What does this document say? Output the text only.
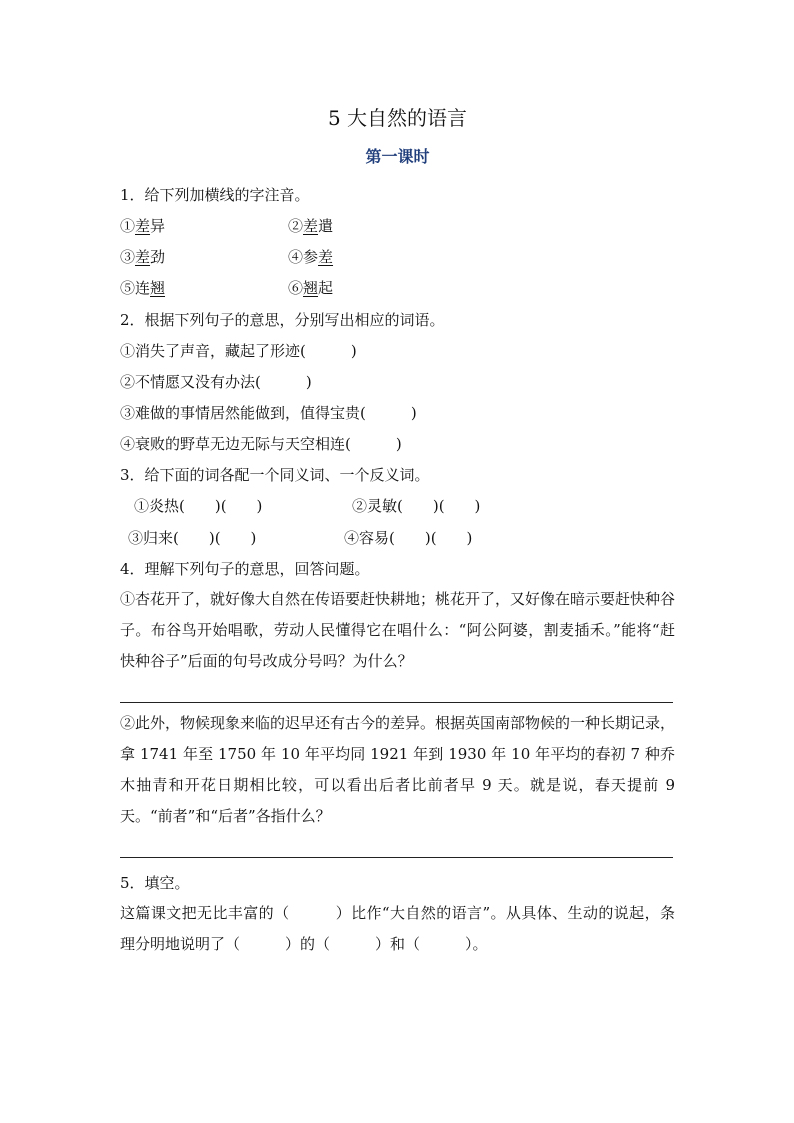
5 大自然的语言
第一课时
1．给下列加横线的字注音。
①差异	②差遣
③差劲	④参差
⑤连翘	⑥翘起
2．根据下列句子的意思，分别写出相应的词语。
①消失了声音，藏起了形迹(　　　)
②不情愿又没有办法(　　　)
③难做的事情居然能做到，值得宝贵(　　　)
④衰败的野草无边无际与天空相连(　　　)
3．给下面的词各配一个同义词、一个反义词。
①炎热(　　)(　　)	②灵敏(　　)(　　)
③归来(　　)(　　)	④容易(　　)(　　)
4．理解下列句子的意思，回答问题。
①杏花开了，就好像大自然在传语要赶快耕地；桃花开了，又好像在暗示要赶快种谷子。布谷鸟开始唱歌，劳动人民懂得它在唱什么：“阿公阿婆，割麦插禾。”能将“赶快种谷子”后面的句号改成分号吗？为什么？
②此外，物候现象来临的迟早还有古今的差异。根据英国南部物候的一种长期记录，拿 1741 年至 1750 年 10 年平均同 1921 年到 1930 年 10 年平均的春初 7 种乔木抽青和开花日期相比较，可以看出后者比前者早 9 天。就是说，春天提前 9 天。“前者”和“后者”各指什么？
5．填空。
这篇课文把无比丰富的（　　　）比作“大自然的语言”。从具体、生动的说起，条理分明地说明了（　　　）的（　　　）和（　　　）。
